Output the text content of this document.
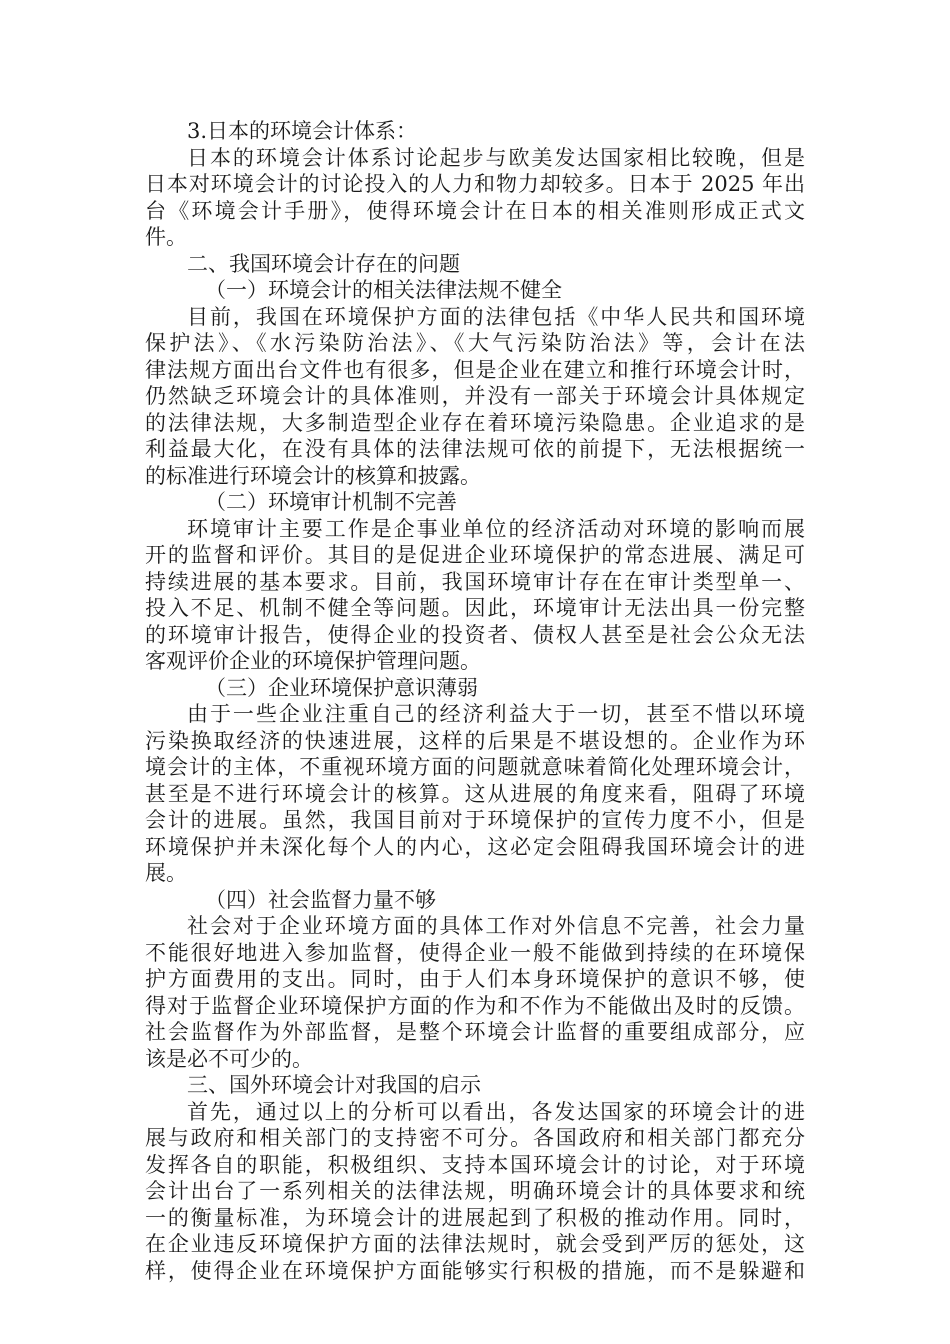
3.日本的环境会计体系：
日本的环境会计体系讨论起步与欧美发达国家相比较晚，但是
日本对环境会计的讨论投入的人力和物力却较多。日本于 2025 年出
台《环境会计手册》，使得环境会计在日本的相关准则形成正式文
件。
二、我国环境会计存在的问题
（一）环境会计的相关法律法规不健全
目前，我国在环境保护方面的法律包括《中华人民共和国环境
保护法》、《水污染防治法》、《大气污染防治法》等，会计在法
律法规方面出台文件也有很多，但是企业在建立和推行环境会计时，
仍然缺乏环境会计的具体准则，并没有一部关于环境会计具体规定
的法律法规，大多制造型企业存在着环境污染隐患。企业追求的是
利益最大化，在没有具体的法律法规可依的前提下，无法根据统一
的标准进行环境会计的核算和披露。
（二）环境审计机制不完善
环境审计主要工作是企事业单位的经济活动对环境的影响而展
开的监督和评价。其目的是促进企业环境保护的常态进展、满足可
持续进展的基本要求。目前，我国环境审计存在在审计类型单一、
投入不足、机制不健全等问题。因此，环境审计无法出具一份完整
的环境审计报告，使得企业的投资者、债权人甚至是社会公众无法
客观评价企业的环境保护管理问题。
（三）企业环境保护意识薄弱
由于一些企业注重自己的经济利益大于一切，甚至不惜以环境
污染换取经济的快速进展，这样的后果是不堪设想的。企业作为环
境会计的主体，不重视环境方面的问题就意味着简化处理环境会计，
甚至是不进行环境会计的核算。这从进展的角度来看，阻碍了环境
会计的进展。虽然，我国目前对于环境保护的宣传力度不小，但是
环境保护并未深化每个人的内心，这必定会阻碍我国环境会计的进
展。
（四）社会监督力量不够
社会对于企业环境方面的具体工作对外信息不完善，社会力量
不能很好地进入参加监督，使得企业一般不能做到持续的在环境保
护方面费用的支出。同时，由于人们本身环境保护的意识不够，使
得对于监督企业环境保护方面的作为和不作为不能做出及时的反馈。
社会监督作为外部监督，是整个环境会计监督的重要组成部分，应
该是必不可少的。
三、国外环境会计对我国的启示
首先，通过以上的分析可以看出，各发达国家的环境会计的进
展与政府和相关部门的支持密不可分。各国政府和相关部门都充分
发挥各自的职能，积极组织、支持本国环境会计的讨论，对于环境
会计出台了一系列相关的法律法规，明确环境会计的具体要求和统
一的衡量标准，为环境会计的进展起到了积极的推动作用。同时，
在企业违反环境保护方面的法律法规时，就会受到严厉的惩处，这
样，使得企业在环境保护方面能够实行积极的措施，而不是躲避和
